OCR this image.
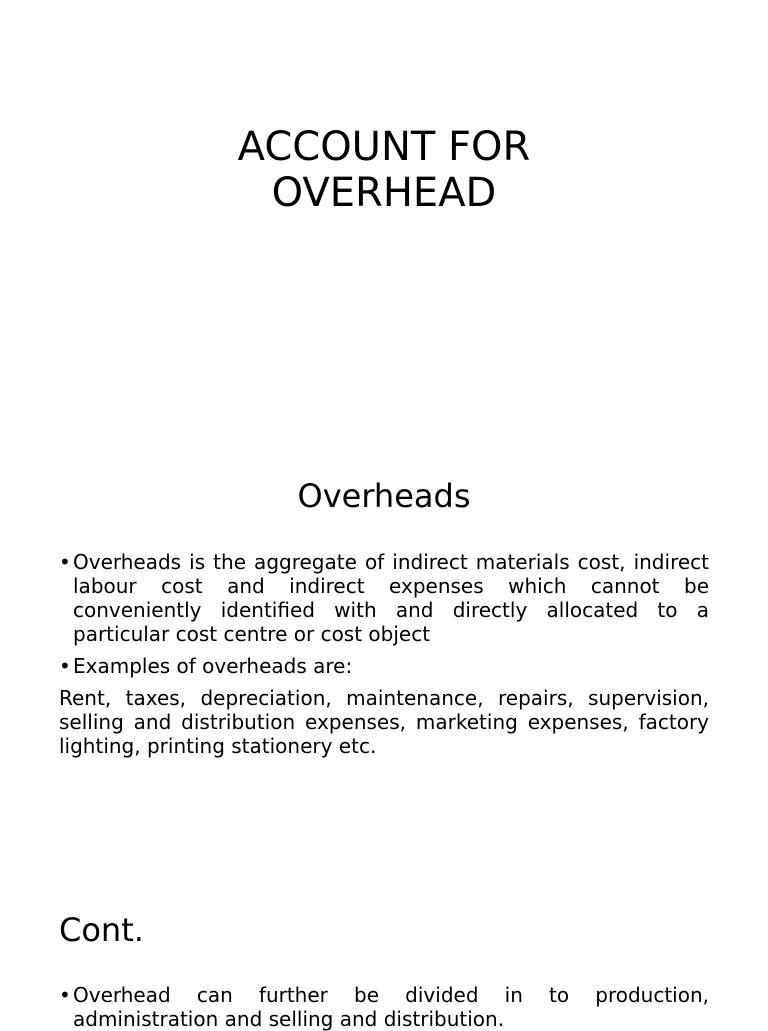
ACCOUNT FOR
OVERHEAD
Overheads
• Overheads is the aggregate of indirect materials cost, indirect labour cost and indirect expenses which cannot be conveniently identified with and directly allocated to a particular cost centre or cost object
• Examples of overheads are:

Rent, taxes, depreciation, maintenance, repairs, supervision, selling and distribution expenses, marketing expenses, factory lighting, printing stationery etc.

Cont.
• Overhead can further be divided in to production, administration and selling and distribution.
